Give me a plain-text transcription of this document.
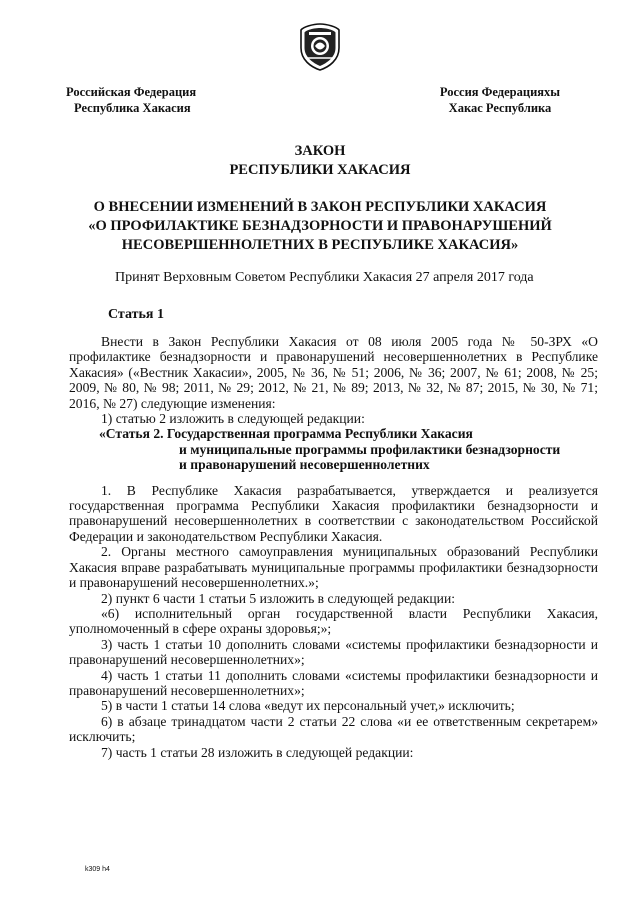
Российская Федерация
Республика Хакасия
Россия Федерацияхы
Хакас Республика
ЗАКОН
РЕСПУБЛИКИ ХАКАСИЯ
О ВНЕСЕНИИ ИЗМЕНЕНИЙ В ЗАКОН РЕСПУБЛИКИ ХАКАСИЯ
«О ПРОФИЛАКТИКЕ БЕЗНАДЗОРНОСТИ И ПРАВОНАРУШЕНИЙ
НЕСОВЕРШЕННОЛЕТНИХ В РЕСПУБЛИКЕ ХАКАСИЯ»
Принят Верховным Советом Республики Хакасия 27 апреля 2017 года
Статья 1

Внести в Закон Республики Хакасия от 08 июля 2005 года № 50-ЗРХ «О профилактике безнадзорности и правонарушений несовершеннолетних в Республике Хакасия» («Вестник Хакасии», 2005, № 36, № 51; 2006, № 36; 2007, № 61; 2008, № 25; 2009, № 80, № 98; 2011, № 29; 2012, № 21, № 89; 2013, № 32, № 87; 2015, № 30, № 71; 2016, № 27) следующие изменения:

1) статью 2 изложить в следующей редакции:

«Статья 2. Государственная программа Республики Хакасия
и муниципальные программы профилактики безнадзорности
и правонарушений несовершеннолетних

1. В Республике Хакасия разрабатывается, утверждается и реализуется государственная программа Республики Хакасия профилактики безнадзорности и правонарушений несовершеннолетних в соответствии с законодательством Российской Федерации и законодательством Республики Хакасия.

2. Органы местного самоуправления муниципальных образований Республики Хакасия вправе разрабатывать муниципальные программы профилактики безнадзорности и правонарушений несовершеннолетних.»;

2) пункт 6 части 1 статьи 5 изложить в следующей редакции:

«6) исполнительный орган государственной власти Республики Хакасия, уполномоченный в сфере охраны здоровья;»;

3) часть 1 статьи 10 дополнить словами «системы профилактики безнадзорности и правонарушений несовершеннолетних»;

4) часть 1 статьи 11 дополнить словами «системы профилактики безнадзорности и правонарушений несовершеннолетних»;

5) в части 1 статьи 14 слова «ведут их персональный учет,» исключить;

6) в абзаце тринадцатом части 2 статьи 22 слова «и ее ответственным секретарем» исключить;

7) часть 1 статьи 28 изложить в следующей редакции:

k309 h4
